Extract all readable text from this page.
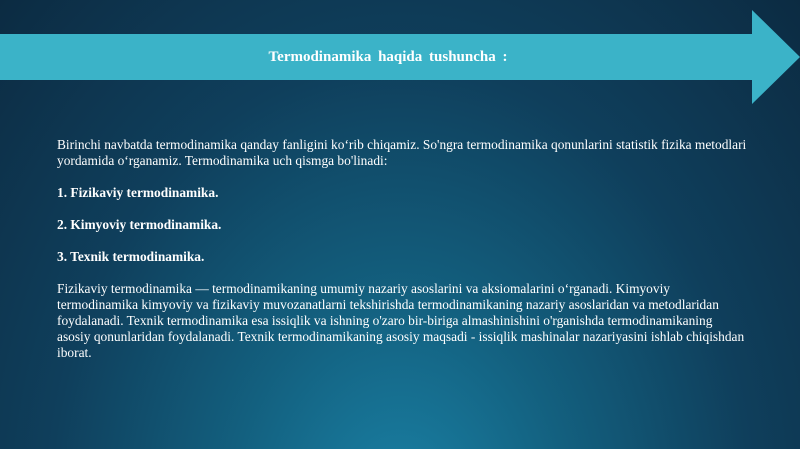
Termodinamika haqida tushuncha :

Birinchi navbatda termodinamika qanday fanligini ko‘rib chiqamiz. So'ngra termodinamika qonunlarini statistik fizika metodlari yordamida o‘rganamiz. Termodinamika uch qismga bo'linadi:

1. Fizikaviy termodinamika.

2. Kimyoviy termodinamika.

3. Texnik termodinamika.

Fizikaviy termodinamika — termodinamikaning umumiy nazariy asoslarini va aksiomalarini o‘rganadi. Kimyoviy termodinamika kimyoviy va fizikaviy muvozanatlarni tekshirishda termodinamikaning nazariy asoslaridan va metodlaridan foydalanadi. Texnik termodinamika esa issiqlik va ishning o'zaro bir-biriga almashinishini o'rganishda termodinamikaning asosiy qonunlaridan foydalanadi. Texnik termodinamikaning asosiy maqsadi - issiqlik mashinalar nazariyasini ishlab chiqishdan iborat.
